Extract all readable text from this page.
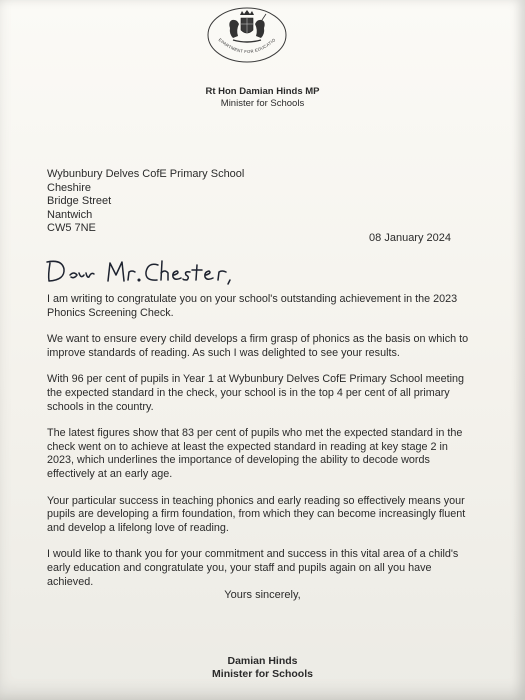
EPARTMENT FOR EDUCATIO
Rt Hon Damian Hinds MP
Minister for Schools
Wybunbury Delves CofE Primary School
Cheshire
Bridge Street
Nantwich
CW5 7NE
08 January 2024

I am writing to congratulate you on your school's outstanding achievement in the 2023 Phonics Screening Check.

We want to ensure every child develops a firm grasp of phonics as the basis on which to improve standards of reading. As such I was delighted to see your results.

With 96 per cent of pupils in Year 1 at Wybunbury Delves CofE Primary School meeting the expected standard in the check, your school is in the top 4 per cent of all primary schools in the country.

The latest figures show that 83 per cent of pupils who met the expected standard in the check went on to achieve at least the expected standard in reading at key stage 2 in 2023, which underlines the importance of developing the ability to decode words effectively at an early age.

Your particular success in teaching phonics and early reading so effectively means your pupils are developing a firm foundation, from which they can become increasingly fluent and develop a lifelong love of reading.

I would like to thank you for your commitment and success in this vital area of a child's early education and congratulate you, your staff and pupils again on all you have achieved.

Yours sincerely,
Damian Hinds
Minister for Schools
